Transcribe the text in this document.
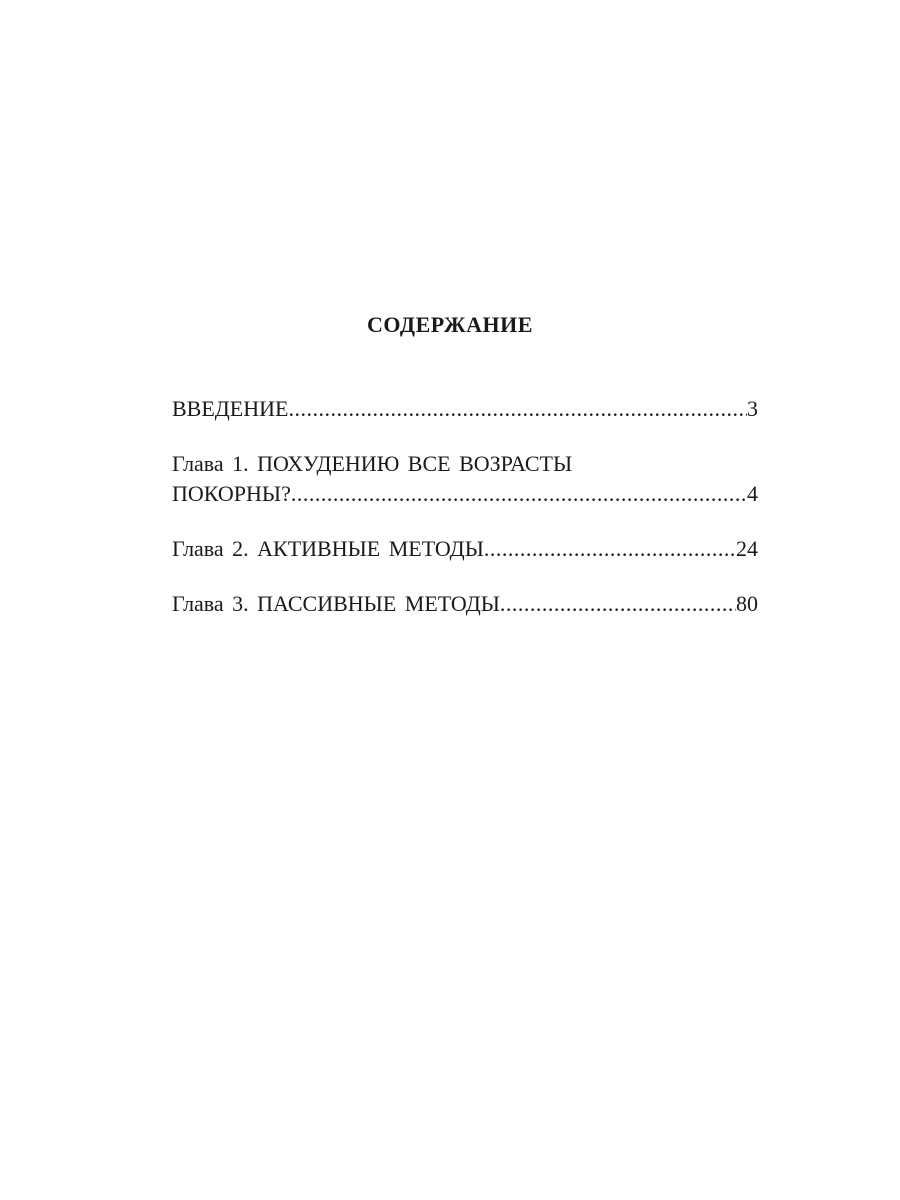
СОДЕРЖАНИЕ
ВВЕДЕНИЕ .....	3
Глава 1. ПОХУДЕНИЮ ВСЕ ВОЗРАСТЫ
ПОКОРНЫ? .....	4
Глава 2. АКТИВНЫЕ МЕТОДЫ .....	24
Глава 3. ПАССИВНЫЕ МЕТОДЫ .....	80
